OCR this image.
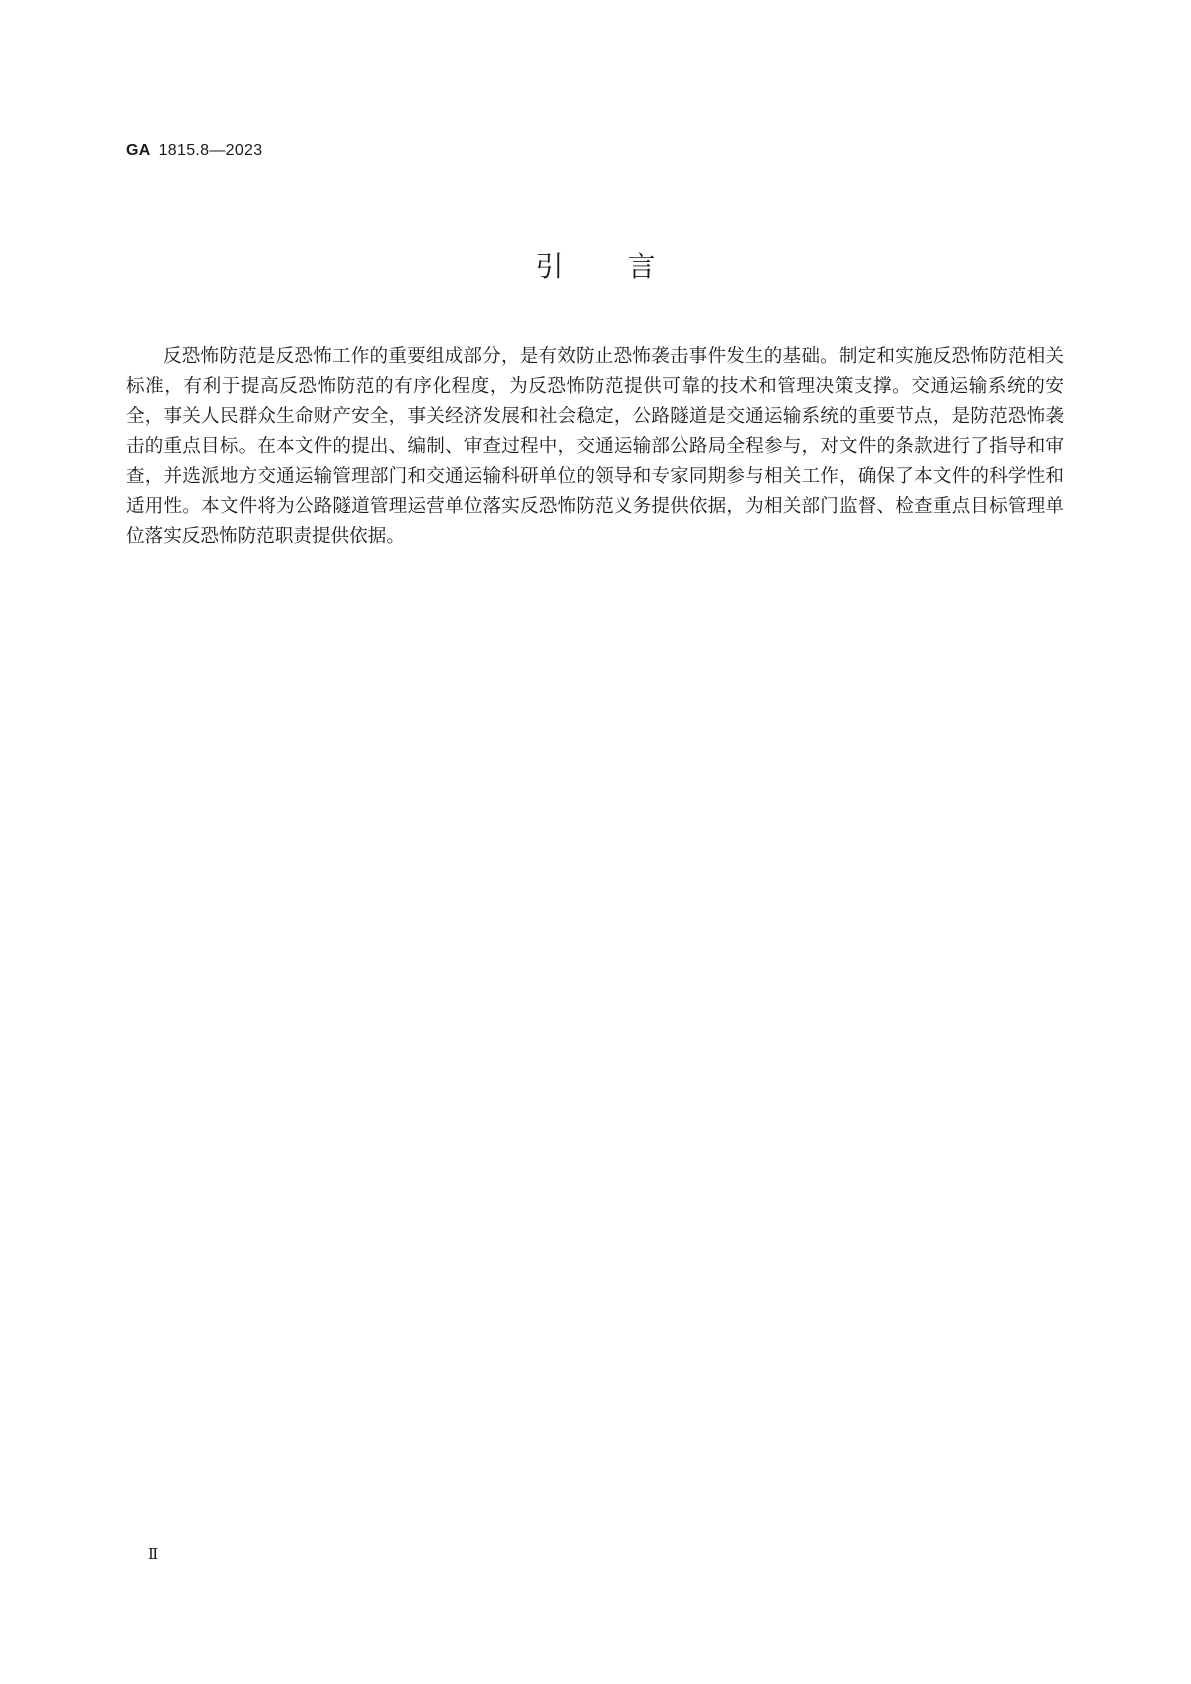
GA 1815.8—2023
引言
反恐怖防范是反恐怖工作的重要组成部分，是有效防止恐怖袭击事件发生的基础。制定和实施反恐怖防范相关标准，有利于提高反恐怖防范的有序化程度，为反恐怖防范提供可靠的技术和管理决策支撑。交通运输系统的安全，事关人民群众生命财产安全，事关经济发展和社会稳定，公路隧道是交通运输系统的重要节点，是防范恐怖袭击的重点目标。在本文件的提出、编制、审查过程中，交通运输部公路局全程参与，对文件的条款进行了指导和审查，并选派地方交通运输管理部门和交通运输科研单位的领导和专家同期参与相关工作，确保了本文件的科学性和适用性。本文件将为公路隧道管理运营单位落实反恐怖防范义务提供依据，为相关部门监督、检查重点目标管理单位落实反恐怖防范职责提供依据。
Ⅱ
